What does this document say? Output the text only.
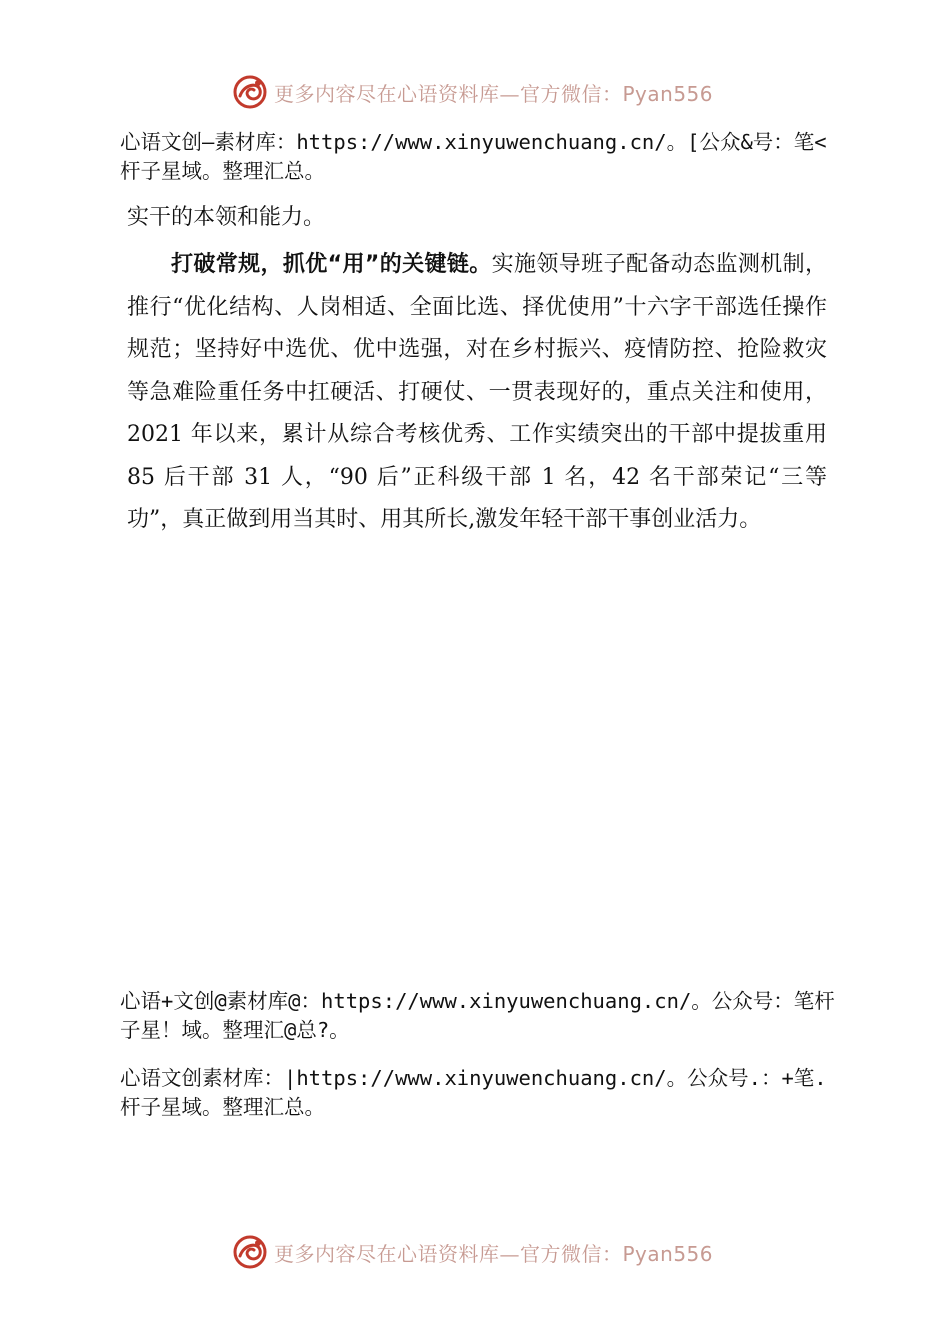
更多内容尽在心语资料库—官方微信：Pyan556
心语文创—素材库：https://www.xinyuwenchuang.cn/。[公众&号：笔<杆子星域。整理汇总。
实干的本领和能力。
打破常规，抓优“用”的关键链。实施领导班子配备动态监测机制，推行“优化结构、人岗相适、全面比选、择优使用”十六字干部选任操作规范；坚持好中选优、优中选强，对在乡村振兴、疫情防控、抢险救灾等急难险重任务中扛硬活、打硬仗、一贯表现好的，重点关注和使用，2021 年以来，累计从综合考核优秀、工作实绩突出的干部中提拔重用 85 后干部 31 人，“90 后”正科级干部 1 名，42 名干部荣记“三等功”，真正做到用当其时、用其所长,激发年轻干部干事创业活力。
心语+文创@素材库@：https://www.xinyuwenchuang.cn/。公众号：笔杆子星！域。整理汇@总?。
心语文创素材库：|https://www.xinyuwenchuang.cn/。公众号.：+笔.杆子星域。整理汇总。
更多内容尽在心语资料库—官方微信：Pyan556
